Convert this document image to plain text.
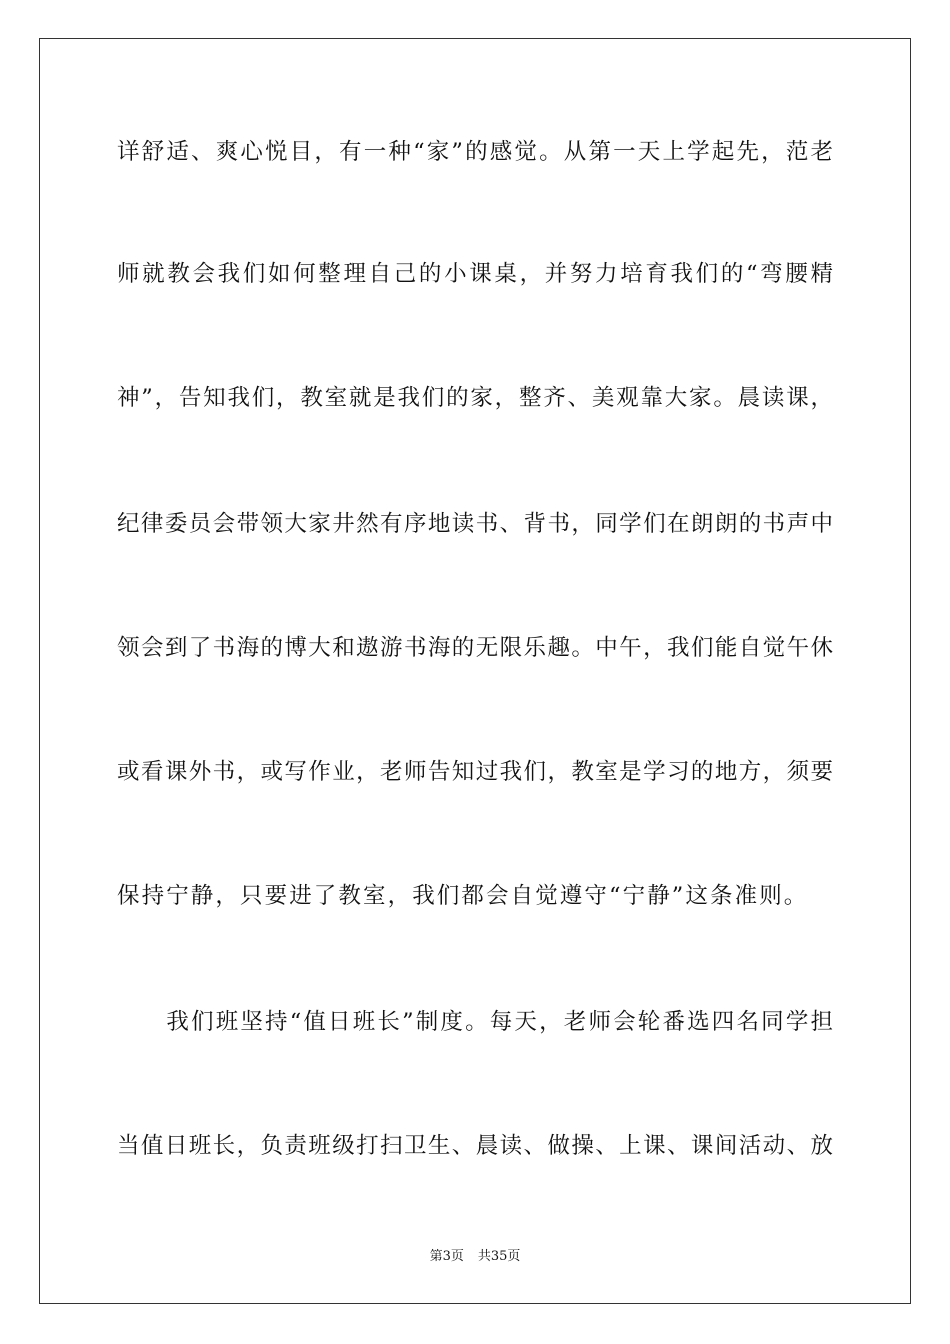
详舒适、爽心悦目，有一种“家”的感觉。从第一天上学起先，范老
师就教会我们如何整理自己的小课桌，并努力培育我们的“弯腰精
神”，告知我们，教室就是我们的家，整齐、美观靠大家。晨读课，
纪律委员会带领大家井然有序地读书、背书，同学们在朗朗的书声中
领会到了书海的博大和遨游书海的无限乐趣。中午，我们能自觉午休
或看课外书，或写作业，老师告知过我们，教室是学习的地方，须要
保持宁静，只要进了教室，我们都会自觉遵守“宁静”这条准则。
　　我们班坚持“值日班长”制度。每天，老师会轮番选四名同学担
当值日班长，负责班级打扫卫生、晨读、做操、上课、课间活动、放
第3页 共35页
